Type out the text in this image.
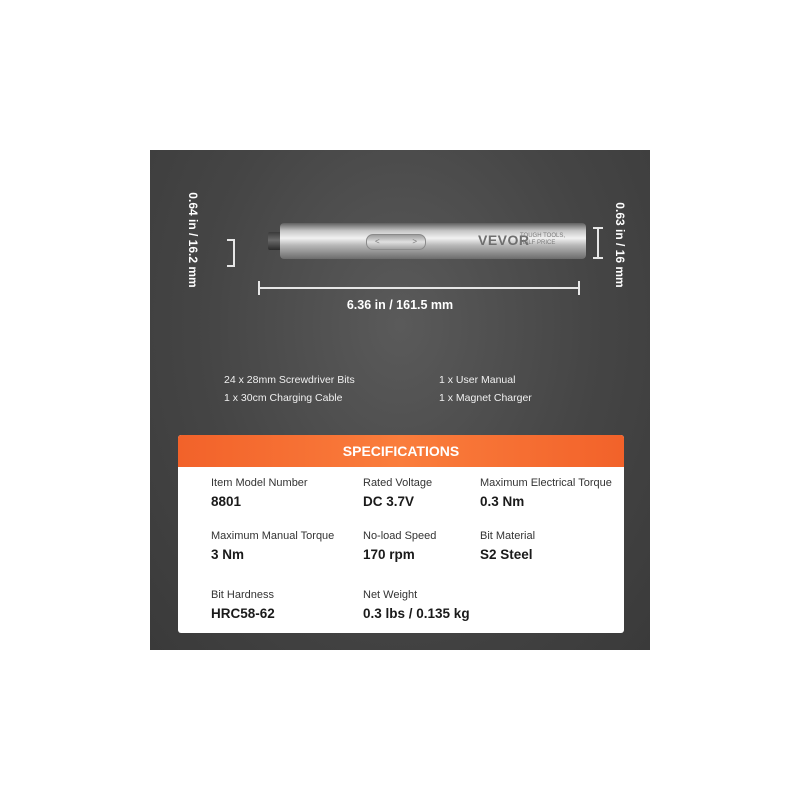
0.64 in / 16.2 mm	0.63 in / 16 mm
<	>	VEVOR
TOUGH TOOLS,
HALF PRICE
6.36 in / 161.5 mm
24 x 28mm Screwdriver Bits
1 x 30cm Charging Cable
1 x User Manual
1 x Magnet Charger
SPECIFICATIONS
Item Model Number
8801
Rated Voltage
DC 3.7V
Maximum Electrical Torque
0.3 Nm
Maximum Manual Torque
3 Nm
No-load Speed
170 rpm
Bit Material
S2 Steel
Bit Hardness
HRC58-62
Net Weight
0.3 lbs / 0.135 kg
